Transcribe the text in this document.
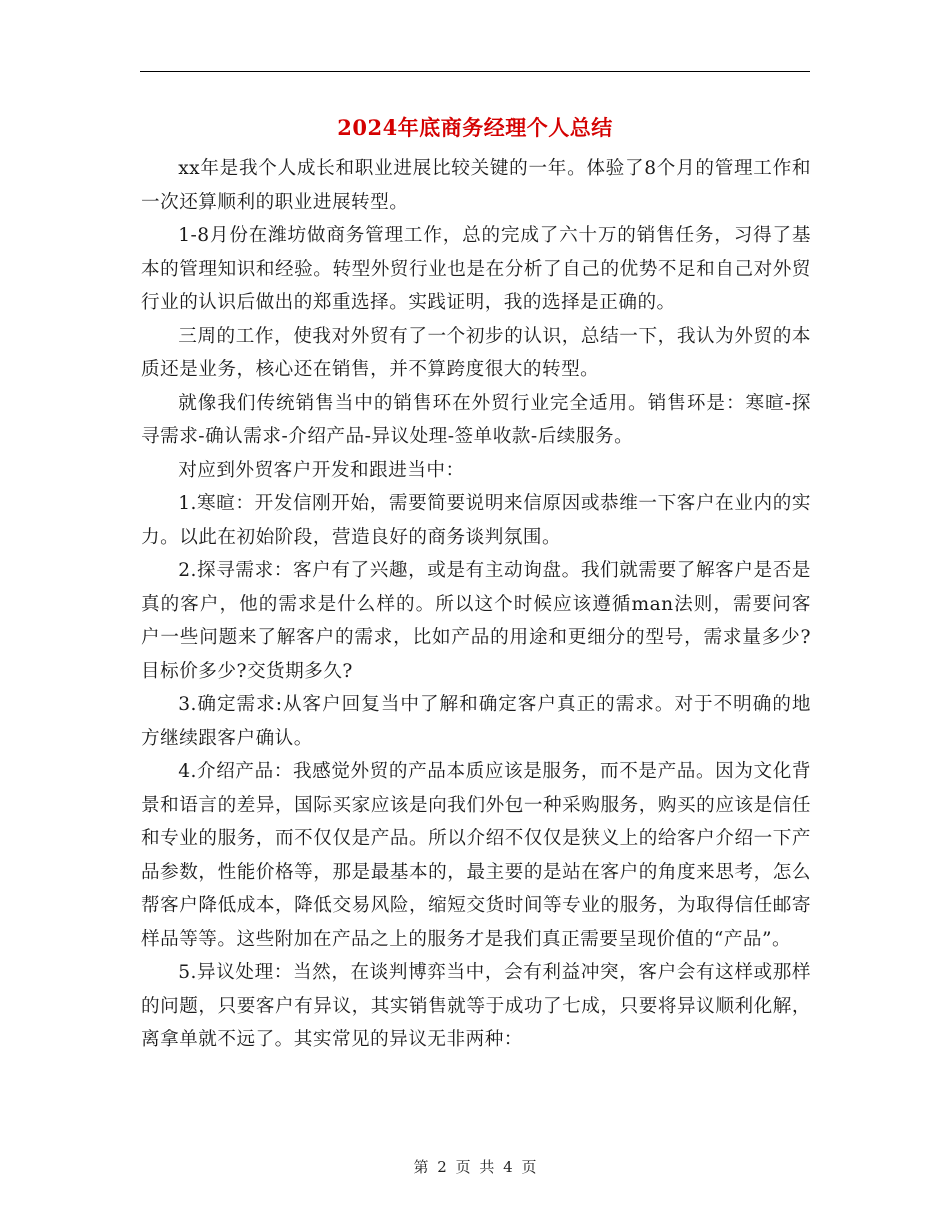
2024年底商务经理个人总结

xx年是我个人成长和职业进展比较关键的一年。体验了8个月的管理工作和一次还算顺利的职业进展转型。

1-8月份在潍坊做商务管理工作，总的完成了六十万的销售任务，习得了基本的管理知识和经验。转型外贸行业也是在分析了自己的优势不足和自己对外贸行业的认识后做出的郑重选择。实践证明，我的选择是正确的。

三周的工作，使我对外贸有了一个初步的认识，总结一下，我认为外贸的本质还是业务，核心还在销售，并不算跨度很大的转型。

就像我们传统销售当中的销售环在外贸行业完全适用。销售环是：寒暄-探寻需求-确认需求-介绍产品-异议处理-签单收款-后续服务。

对应到外贸客户开发和跟进当中：

1.寒暄：开发信刚开始，需要简要说明来信原因或恭维一下客户在业内的实力。以此在初始阶段，营造良好的商务谈判氛围。

2.探寻需求：客户有了兴趣，或是有主动询盘。我们就需要了解客户是否是真的客户，他的需求是什么样的。所以这个时候应该遵循man法则，需要问客户一些问题来了解客户的需求，比如产品的用途和更细分的型号，需求量多少?目标价多少?交货期多久?

3.确定需求:从客户回复当中了解和确定客户真正的需求。对于不明确的地方继续跟客户确认。

4.介绍产品：我感觉外贸的产品本质应该是服务，而不是产品。因为文化背景和语言的差异，国际买家应该是向我们外包一种采购服务，购买的应该是信任和专业的服务，而不仅仅是产品。所以介绍不仅仅是狭义上的给客户介绍一下产品参数，性能价格等，那是最基本的，最主要的是站在客户的角度来思考，怎么帮客户降低成本，降低交易风险，缩短交货时间等专业的服务，为取得信任邮寄样品等等。这些附加在产品之上的服务才是我们真正需要呈现价值的“产品”。

5.异议处理：当然，在谈判博弈当中，会有利益冲突，客户会有这样或那样的问题，只要客户有异议，其实销售就等于成功了七成，只要将异议顺利化解，离拿单就不远了。其实常见的异议无非两种：

第 2 页 共 4 页
